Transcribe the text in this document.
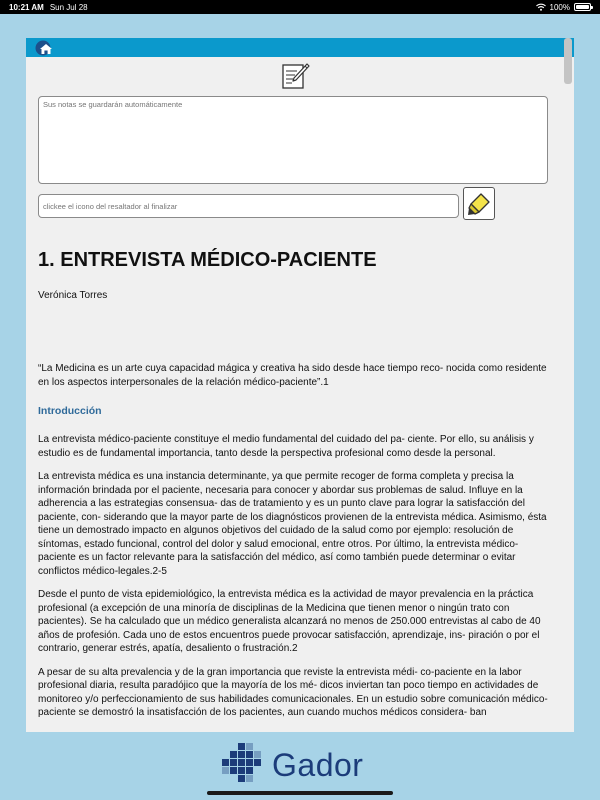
10:21 AM Sun Jul 28	100%
Sus notas se guardarán automáticamente
clickee el icono del resaltador al finalizar
1. ENTREVISTA MÉDICO-PACIENTE

Verónica Torres

“La Medicina es un arte cuya capacidad mágica y creativa ha sido desde hace tiempo reco- nocida como residente en los aspectos interpersonales de la relación médico-paciente”.1

Introducción

La entrevista médico-paciente constituye el medio fundamental del cuidado del pa- ciente. Por ello, su análisis y estudio es de fundamental importancia, tanto desde la perspectiva profesional como desde la personal.

La entrevista médica es una instancia determinante, ya que permite recoger de forma completa y precisa la información brindada por el paciente, necesaria para conocer y abordar sus problemas de salud. Influye en la adherencia a las estrategias consensua- das de tratamiento y es un punto clave para lograr la satisfacción del paciente, con- siderando que la mayor parte de los diagnósticos provienen de la entrevista médica. Asimismo, ésta tiene un demostrado impacto en algunos objetivos del cuidado de la salud como por ejemplo: resolución de síntomas, estado funcional, control del dolor y salud emocional, entre otros. Por último, la entrevista médico-paciente es un factor relevante para la satisfacción del médico, así como también puede determinar o evitar conflictos médico-legales.2-5

Desde el punto de vista epidemiológico, la entrevista médica es la actividad de mayor prevalencia en la práctica profesional (a excepción de una minoría de disciplinas de la Medicina que tienen menor o ningún trato con pacientes). Se ha calculado que un médico generalista alcanzará no menos de 250.000 entrevistas al cabo de 40 años de profesión. Cada uno de estos encuentros puede provocar satisfacción, aprendizaje, ins- piración o por el contrario, generar estrés, apatía, desaliento o frustración.2

A pesar de su alta prevalencia y de la gran importancia que reviste la entrevista médi- co-paciente en la labor profesional diaria, resulta paradójico que la mayoría de los mé- dicos inviertan tan poco tiempo en actividades de monitoreo y/o perfeccionamiento de sus habilidades comunicacionales. En un estudio sobre comunicación médico-paciente se demostró la insatisfacción de los pacientes, aun cuando muchos médicos considera- ban

Gador
